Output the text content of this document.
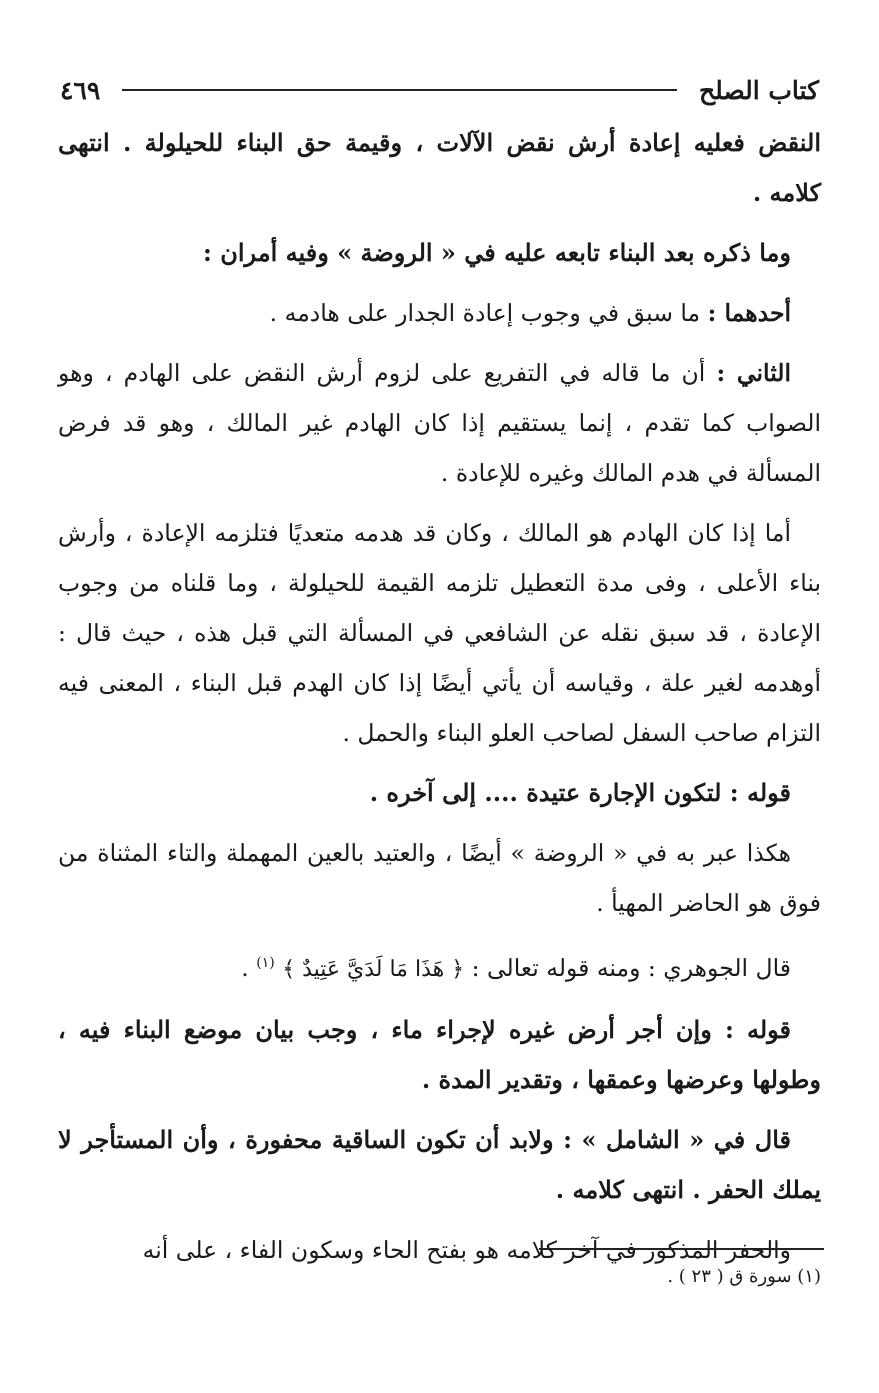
كتاب الصلح
٤٦٩

النقض فعليه إعادة أرش نقض الآلات ، وقيمة حق البناء للحيلولة . انتهى كلامه .

وما ذكره بعد البناء تابعه عليه في « الروضة » وفيه أمران :

أحدهما : ما سبق في وجوب إعادة الجدار على هادمه .

الثاني : أن ما قاله في التفريع على لزوم أرش النقض على الهادم ، وهو الصواب كما تقدم ، إنما يستقيم إذا كان الهادم غير المالك ، وهو قد فرض المسألة في هدم المالك وغيره للإعادة .

أما إذا كان الهادم هو المالك ، وكان قد هدمه متعديًا فتلزمه الإعادة ، وأرش بناء الأعلى ، وفى مدة التعطيل تلزمه القيمة للحيلولة ، وما قلناه من وجوب الإعادة ، قد سبق نقله عن الشافعي في المسألة التي قبل هذه ، حيث قال : أوهدمه لغير علة ، وقياسه أن يأتي أيضًا إذا كان الهدم قبل البناء ، المعنى فيه التزام صاحب السفل لصاحب العلو البناء والحمل .

قوله : لتكون الإجارة عتيدة .... إلى آخره .

هكذا عبر به في « الروضة » أيضًا ، والعتيد بالعين المهملة والتاء المثناة من فوق هو الحاضر المهيأ .

قال الجوهري : ومنه قوله تعالى : ﴿ هَذَا مَا لَدَيَّ عَتِيدٌ ﴾ $^{(١)}$ .

قوله : وإن أجر أرض غيره لإجراء ماء ، وجب بيان موضع البناء فيه ، وطولها وعرضها وعمقها ، وتقدير المدة .

قال في « الشامل » : ولابد أن تكون الساقية محفورة ، وأن المستأجر لا يملك الحفر . انتهى كلامه .

والحفر المذكور في آخر كلامه هو بفتح الحاء وسكون الفاء ، على أنه

(١) سورة ق ( ٢٣ ) .
